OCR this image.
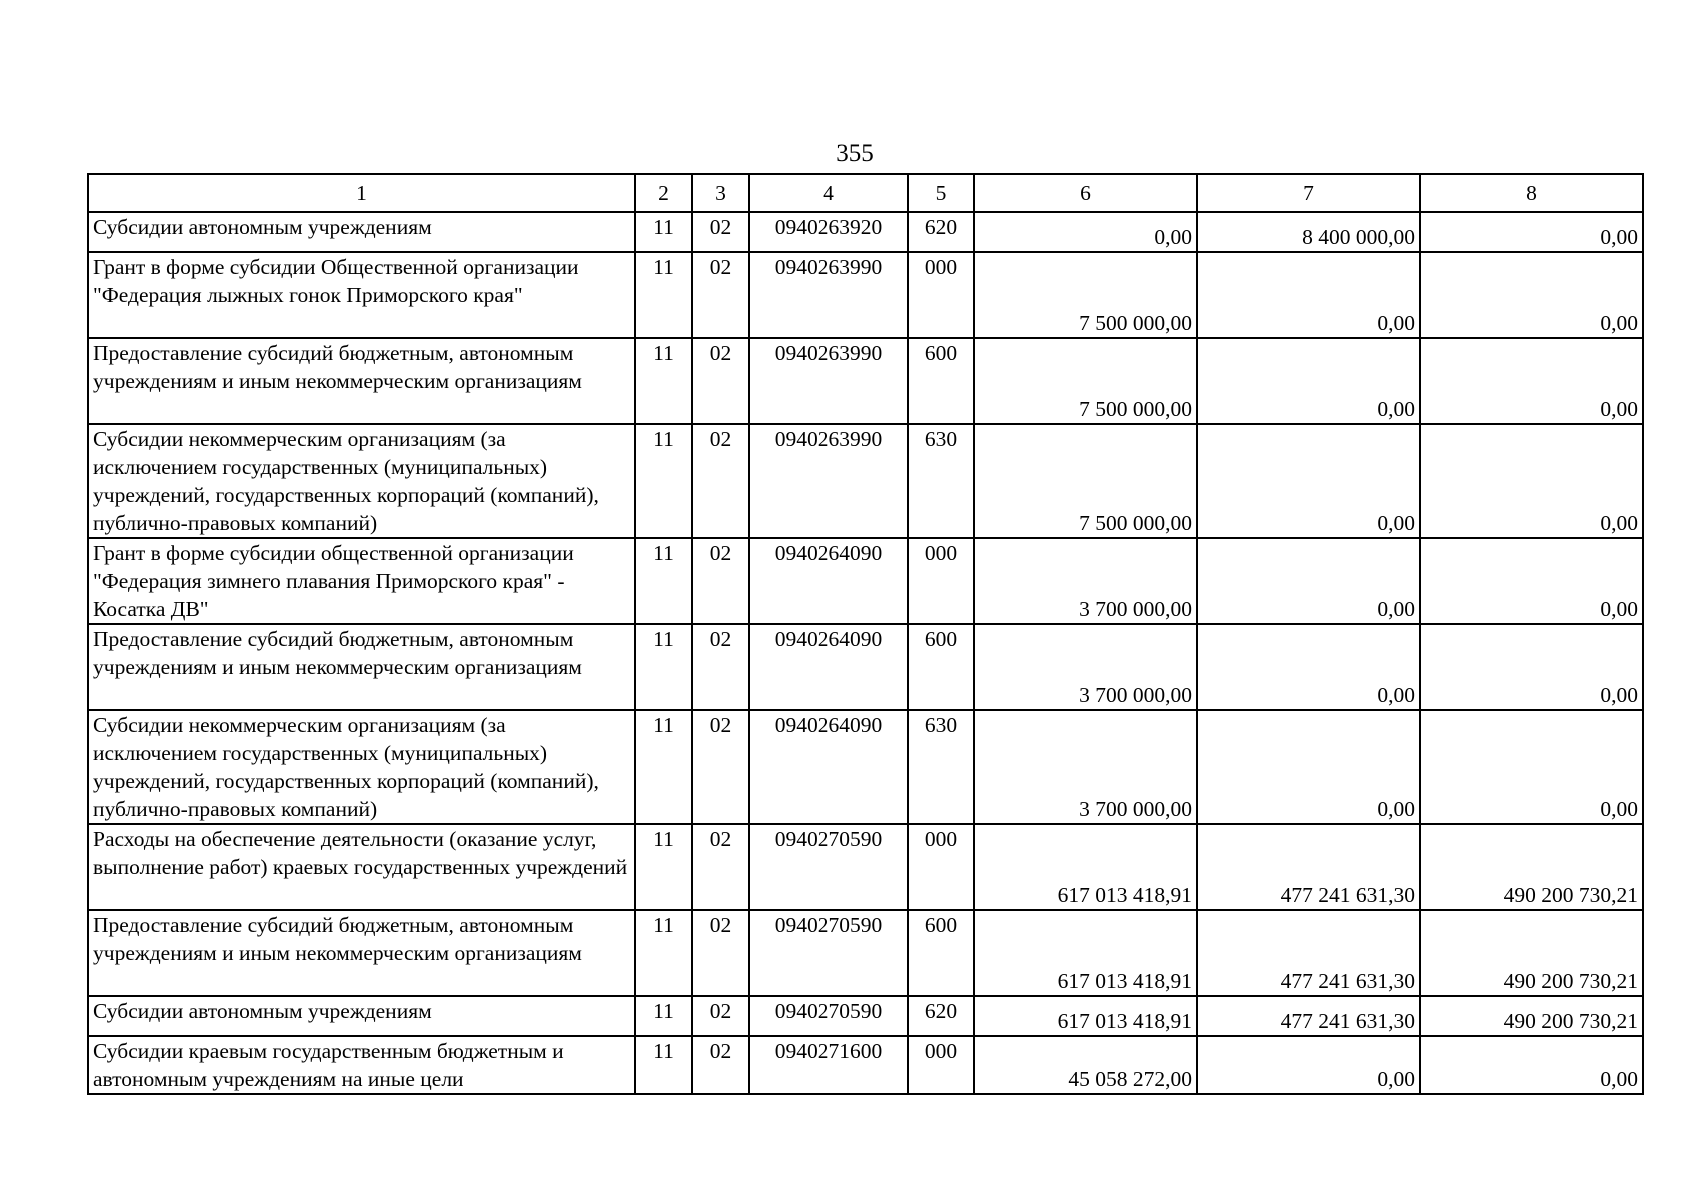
355
1	2	3	4	5	6	7	8
Субсидии автономным учреждениям	11	02	0940263920	620	0,00	8 400 000,00	0,00
Грант в форме субсидии Общественной организации "Федерация лыжных гонок Приморского края"	11	02	0940263990	000	7 500 000,00	0,00	0,00
Предоставление субсидий бюджетным, автономным учреждениям и иным некоммерческим организациям	11	02	0940263990	600	7 500 000,00	0,00	0,00
Субсидии некоммерческим организациям (за исключением государственных (муниципальных) учреждений, государственных корпораций (компаний), публично-правовых компаний)	11	02	0940263990	630	7 500 000,00	0,00	0,00
Грант в форме субсидии общественной организации "Федерация зимнего плавания Приморского края" - Косатка ДВ"	11	02	0940264090	000	3 700 000,00	0,00	0,00
Предоставление субсидий бюджетным, автономным учреждениям и иным некоммерческим организациям	11	02	0940264090	600	3 700 000,00	0,00	0,00
Субсидии некоммерческим организациям (за исключением государственных (муниципальных) учреждений, государственных корпораций (компаний), публично-правовых компаний)	11	02	0940264090	630	3 700 000,00	0,00	0,00
Расходы на обеспечение деятельности (оказание услуг, выполнение работ) краевых государственных учреждений	11	02	0940270590	000	617 013 418,91	477 241 631,30	490 200 730,21
Предоставление субсидий бюджетным, автономным учреждениям и иным некоммерческим организациям	11	02	0940270590	600	617 013 418,91	477 241 631,30	490 200 730,21
Субсидии автономным учреждениям	11	02	0940270590	620	617 013 418,91	477 241 631,30	490 200 730,21
Субсидии краевым государственным бюджетным и автономным учреждениям на иные цели	11	02	0940271600	000	45 058 272,00	0,00	0,00
